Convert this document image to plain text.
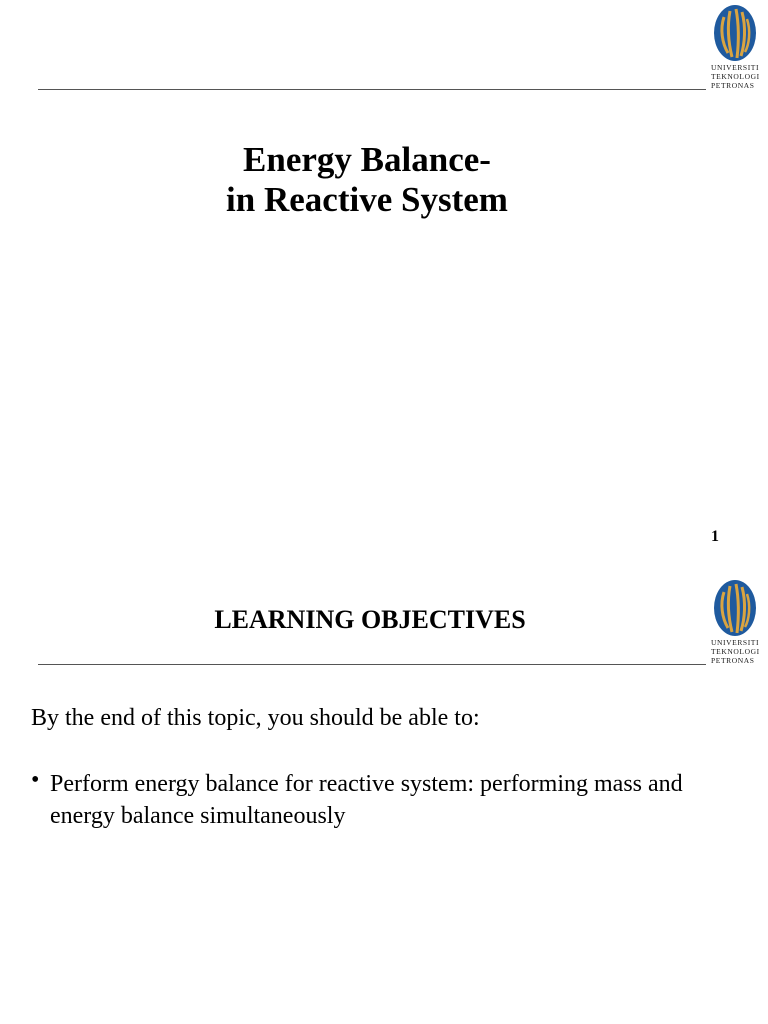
UNIVERSITI
TEKNOLOGI
PETRONAS
Energy Balance-
in Reactive System
1
UNIVERSITI
TEKNOLOGI
PETRONAS
LEARNING OBJECTIVES
By the end of this topic, you should be able to:
• Perform energy balance for reactive system: performing mass and energy balance simultaneously
